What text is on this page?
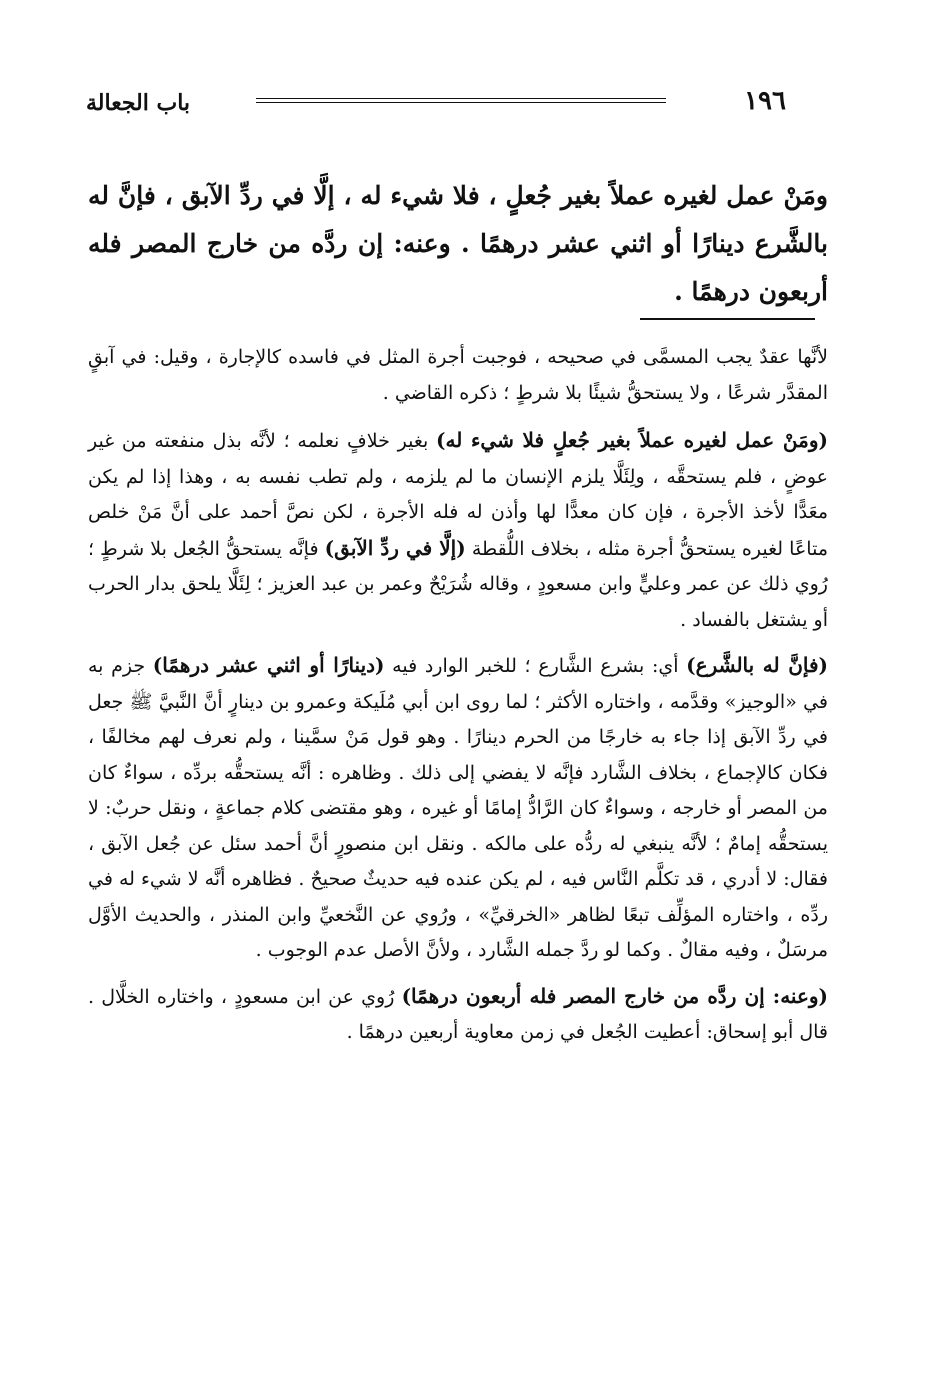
باب الجعالة	١٩٦
ومَنْ عمل لغيره عملاً بغير جُعلٍ ، فلا شيء له ، إلَّا في ردِّ الآبق ، فإنَّ له بالشَّرع دينارًا أو اثني عشر درهمًا . وعنه: إن ردَّه من خارج المصر فله أربعون درهمًا .

لأنَّها عقدٌ يجب المسمَّى في صحيحه ، فوجبت أجرة المثل في فاسده كالإجارة ، وقيل: في آبقٍ المقدَّر شرعًا ، ولا يستحقُّ شيئًا بلا شرطٍ ؛ ذكره القاضي .

(ومَنْ عمل لغيره عملاً بغير جُعلٍ فلا شيء له) بغير خلافٍ نعلمه ؛ لأنَّه بذل منفعته من غير عوضٍ ، فلم يستحقَّه ، ولِئَلَّا يلزم الإنسان ما لم يلزمه ، ولم تطب نفسه به ، وهذا إذا لم يكن معَدًّا لأخذ الأجرة ، فإن كان معدًّا لها وأذن له فله الأجرة ، لكن نصَّ أحمد على أنَّ مَنْ خلص متاعًا لغيره يستحقُّ أجرة مثله ، بخلاف اللُّقطة (إلَّا في ردِّ الآبق) فإنَّه يستحقُّ الجُعل بلا شرطٍ ؛ رُوي ذلك عن عمر وعليٍّ وابن مسعودٍ ، وقاله شُرَيْحٌ وعمر بن عبد العزيز ؛ لِئَلَّا يلحق بدار الحرب أو يشتغل بالفساد .

(فإنَّ له بالشَّرع) أي: بشرع الشَّارع ؛ للخبر الوارد فيه (دينارًا أو اثني عشر درهمًا) جزم به في «الوجيز» وقدَّمه ، واختاره الأكثر ؛ لما روى ابن أبي مُلَيكة وعمرو بن دينارٍ أنَّ النَّبيَّ ﷺ جعل في ردِّ الآبق إذا جاء به خارجًا من الحرم دينارًا . وهو قول مَنْ سمَّينا ، ولم نعرف لهم مخالفًا ، فكان كالإجماع ، بخلاف الشَّارد فإنَّه لا يفضي إلى ذلك . وظاهره : أنَّه يستحقُّه بردِّه ، سواءٌ كان من المصر أو خارجه ، وسواءٌ كان الرَّادُّ إمامًا أو غيره ، وهو مقتضى كلام جماعةٍ ، ونقل حربٌ: لا يستحقُّه إمامٌ ؛ لأنَّه ينبغي له ردُّه على مالكه . ونقل ابن منصورٍ أنَّ أحمد سئل عن جُعل الآبق ، فقال: لا أدري ، قد تكلَّم النَّاس فيه ، لم يكن عنده فيه حديثٌ صحيحٌ . فظاهره أنَّه لا شيء له في ردِّه ، واختاره المؤلِّف تبعًا لظاهر «الخرقيِّ» ، ورُوي عن النَّخعيِّ وابن المنذر ، والحديث الأوَّل مرسَلٌ ، وفيه مقالٌ . وكما لو ردَّ جمله الشَّارد ، ولأنَّ الأصل عدم الوجوب .

(وعنه: إن ردَّه من خارج المصر فله أربعون درهمًا) رُوي عن ابن مسعودٍ ، واختاره الخلَّال . قال أبو إسحاق: أعطيت الجُعل في زمن معاوية أربعين درهمًا .
